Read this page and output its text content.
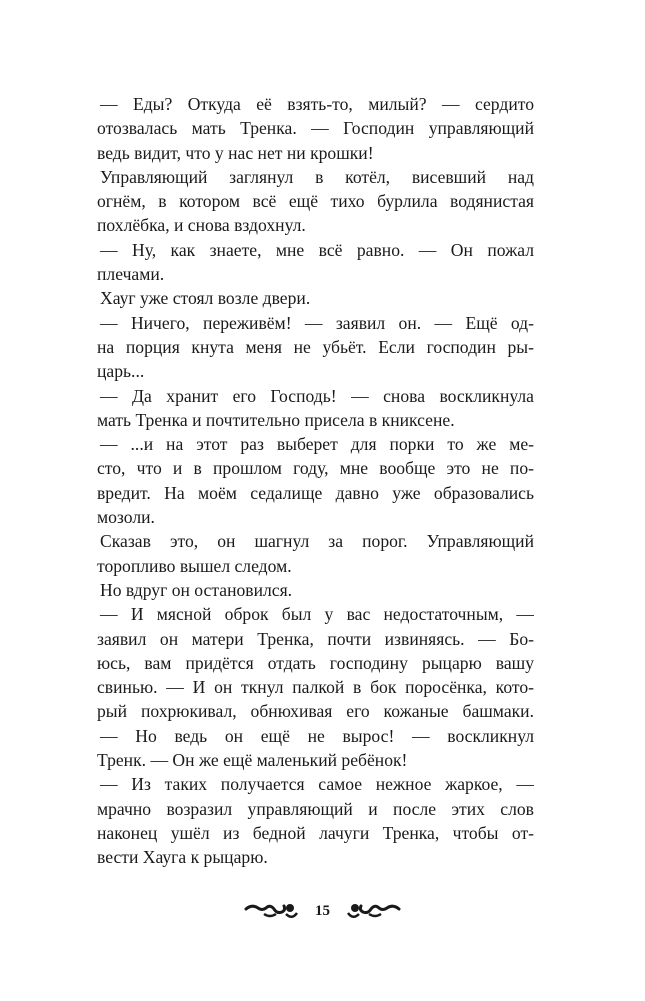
— Еды? Откуда её взять-то, милый? — сердито
отозвалась мать Тренка. — Господин управляющий
ведь видит, что у нас нет ни крошки!
Управляющий заглянул в котёл, висевший над
огнём, в котором всё ещё тихо бурлила водянистая
похлёбка, и снова вздохнул.
— Ну, как знаете, мне всё равно. — Он пожал
плечами.
Хауг уже стоял возле двери.
— Ничего, переживём! — заявил он. — Ещё од-
на порция кнута меня не убьёт. Если господин ры-
царь...
— Да хранит его Господь! — снова воскликнула
мать Тренка и почтительно присела в книксене.
— ...и на этот раз выберет для порки то же ме-
сто, что и в прошлом году, мне вообще это не по-
вредит. На моём седалище давно уже образовались
мозоли.
Сказав это, он шагнул за порог. Управляющий
торопливо вышел следом.
Но вдруг он остановился.
— И мясной оброк был у вас недостаточным, —
заявил он матери Тренка, почти извиняясь. — Бо-
юсь, вам придётся отдать господину рыцарю вашу
свинью. — И он ткнул палкой в бок поросёнка, кото-
рый похрюкивал, обнюхивая его кожаные башмаки.
— Но ведь он ещё не вырос! — воскликнул
Тренк. — Он же ещё маленький ребёнок!
— Из таких получается самое нежное жаркое, —
мрачно возразил управляющий и после этих слов
наконец ушёл из бедной лачуги Тренка, чтобы от-
вести Хауга к рыцарю.
15
